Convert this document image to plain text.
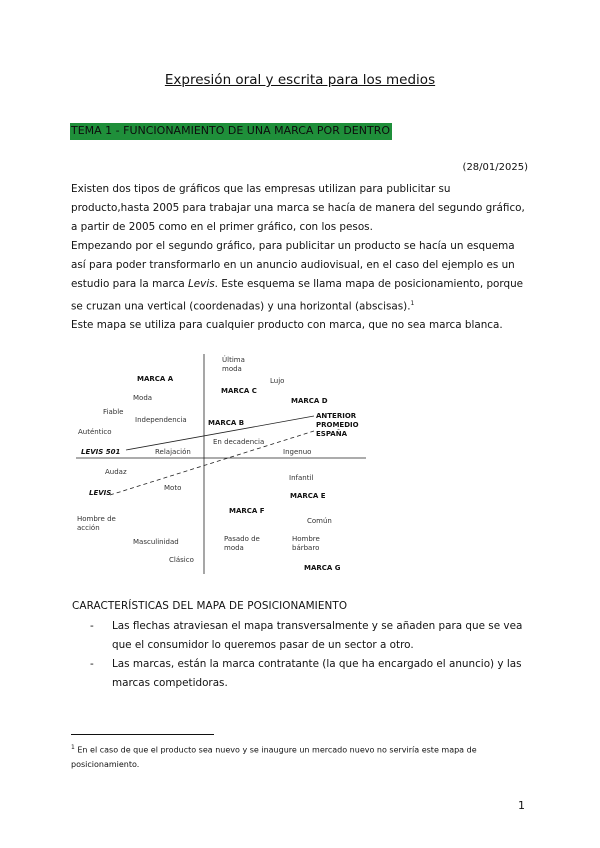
Expresión oral y escrita para los medios
TEMA 1 - FUNCIONAMIENTO DE UNA MARCA POR DENTRO
(28/01/2025)

Existen dos tipos de gráficos que las empresas utilizan para publicitar su producto,hasta 2005 para trabajar una marca se hacía de manera del segundo gráfico, a partir de 2005 como en el primer gráfico, con los pesos.

Empezando por el segundo gráfico, para publicitar un producto se hacía un esquema así para poder transformarlo en un anuncio audiovisual, en el caso del ejemplo es un estudio para la marca Levis. Este esquema se llama mapa de posicionamiento, porque se cruzan una vertical (coordenadas) y una horizontal (abscisas).$^1$

Este mapa se utiliza para cualquier producto con marca, que no sea marca blanca.

Última
moda
Lujo
MARCA A
MARCA C
MARCA D
Moda
Fiable
Independencia	MARCA B
ANTERIOR
PROMEDIO
ESPAÑA
Auténtico
En decadencia
LEVIS 501	Relajación	Ingenuo
Audaz
Infantil
Moto
LEVIS	MARCA E
MARCA F
Hombre de
acción
Común
Masculinidad	Pasado de
moda
Hombre
bárbaro
Clásico
MARCA G
CARACTERÍSTICAS DEL MAPA DE POSICIONAMIENTO

- Las flechas atraviesan el mapa transversalmente y se añaden para que se vea que el consumidor lo queremos pasar de un sector a otro.

- Las marcas, están la marca contratante (la que ha encargado el anuncio) y las marcas competidoras.

$^1$ En el caso de que el producto sea nuevo y se inaugure un mercado nuevo no serviría este mapa de posicionamiento.
1
